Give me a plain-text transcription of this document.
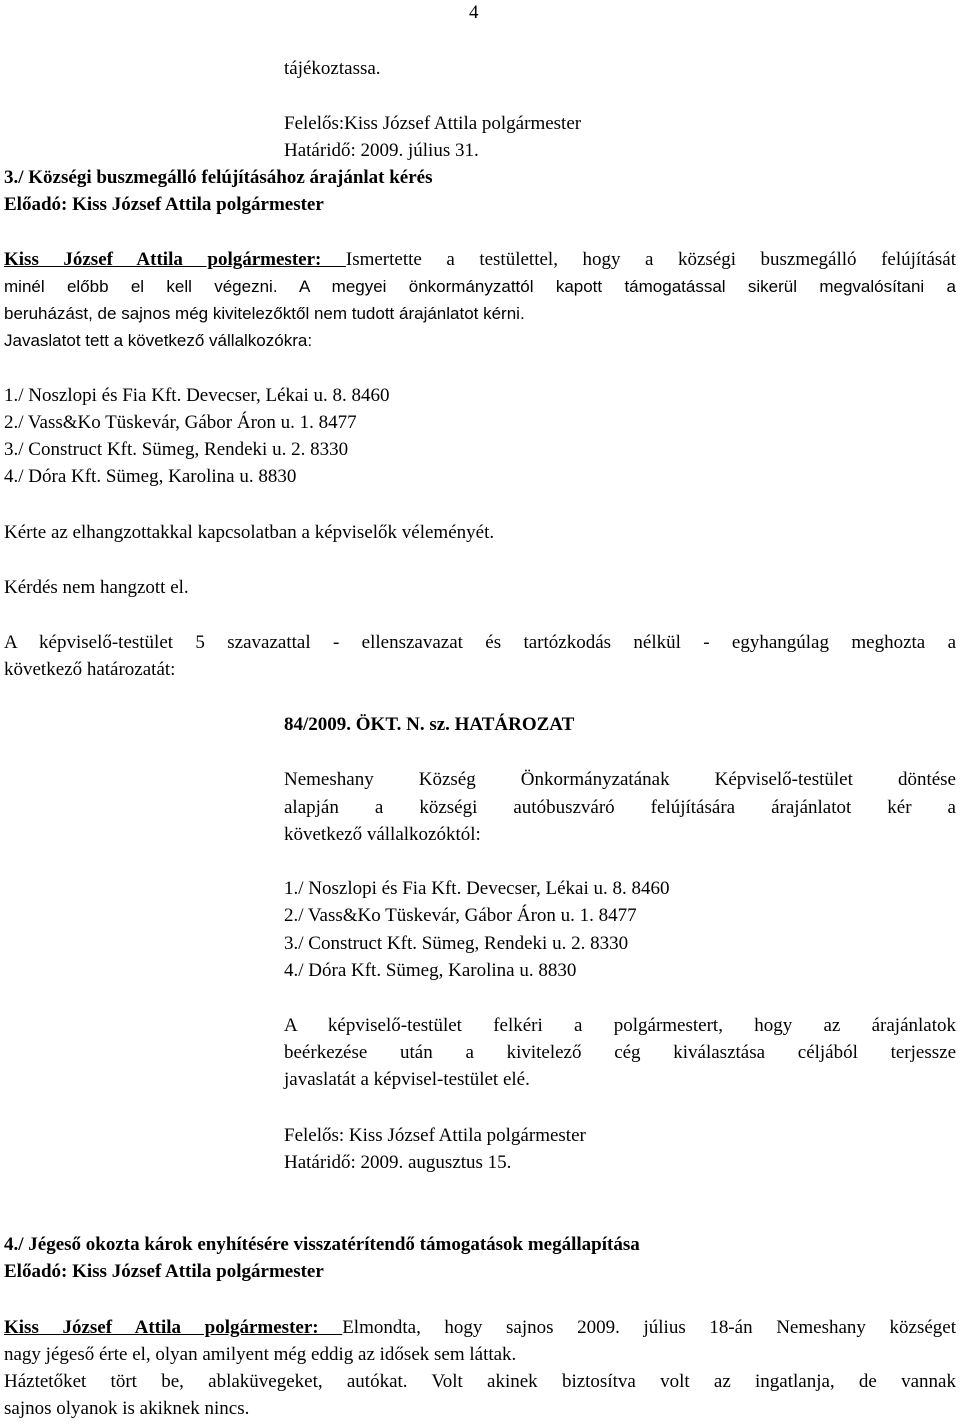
4
tájékoztassa.
Felelős:Kiss József Attila polgármester
Határidő: 2009. július 31.
3./ Községi buszmegálló felújításához árajánlat kérés
Előadó: Kiss József Attila polgármester
Kiss József Attila polgármester: Ismertette a testülettel, hogy a községi buszmegálló felújítását
minél előbb el kell végezni. A megyei önkormányzattól kapott támogatással sikerül megvalósítani a
beruházást, de sajnos még kivitelezőktől nem tudott árajánlatot kérni.
Javaslatot tett a következő vállalkozókra:
1./ Noszlopi és Fia Kft. Devecser, Lékai u. 8. 8460
2./ Vass&Ko Tüskevár, Gábor Áron u. 1. 8477
3./ Construct Kft. Sümeg, Rendeki u. 2. 8330
4./ Dóra Kft. Sümeg, Karolina u. 8830
Kérte az elhangzottakkal kapcsolatban a képviselők véleményét.
Kérdés nem hangzott el.
A képviselő-testület 5 szavazattal - ellenszavazat és tartózkodás nélkül - egyhangúlag meghozta a
következő határozatát:
84/2009. ÖKT. N. sz. HATÁROZAT
Nemeshany Község Önkormányzatának Képviselő-testület döntése
alapján a községi autóbuszváró felújítására árajánlatot kér a
következő vállalkozóktól:
1./ Noszlopi és Fia Kft. Devecser, Lékai u. 8. 8460
2./ Vass&Ko Tüskevár, Gábor Áron u. 1. 8477
3./ Construct Kft. Sümeg, Rendeki u. 2. 8330
4./ Dóra Kft. Sümeg, Karolina u. 8830
A képviselő-testület felkéri a polgármestert, hogy az árajánlatok
beérkezése után a kivitelező cég kiválasztása céljából terjessze
javaslatát a képvisel-testület elé.
Felelős: Kiss József Attila polgármester
Határidő: 2009. augusztus 15.
4./ Jégeső okozta károk enyhítésére visszatérítendő támogatások megállapítása
Előadó: Kiss József Attila polgármester
Kiss József Attila polgármester: Elmondta, hogy sajnos 2009. július 18-án Nemeshany községet
nagy jégeső érte el, olyan amilyent még eddig az idősek sem láttak.
Háztetőket tört be, ablaküvegeket, autókat. Volt akinek biztosítva volt az ingatlanja, de vannak
sajnos olyanok is akiknek nincs.
